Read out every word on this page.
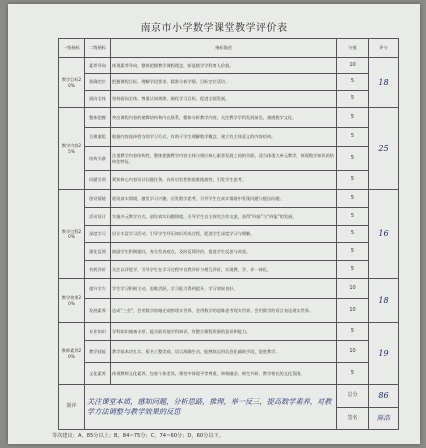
南京市小学数学课堂教学评价表
一级指标	二级指标	指标描述	分值	评分
教学目标20%	素养导向	体现素养导向，整体把握教学课程理念，彰显数学学科育人价值。	10	18
	准确定位	把握课程目标，理解学段要求，精准分析学情，目标定位适切。	5	
	面向全体	坚持面向全体，尊重认知规律，细化学习目标，促进全面发展。	5	
教学内容25%	整体把握	突出课程内容的逻辑结构和内在联系，整体分析教学内容，关注教学学科发展前沿，渗透数学文化。	5	25
	合理重组	根据内容选择恰当的学习方式，有助于学生理解数学概念，建立有主体意义的内容结构。	5	
	结构关联	注重教学内容结构性，整体把握教学内容主线与相应核心素养发展之间的关联，适当体现大单元教学，体现数学知识的结构化特征。	5	
	问题引领	紧扣核心内容设计问题任务，具有启发性和思维挑战性，引发学生思考。	5	
教学过程20%	创设情境	创设真实情境，激发学习兴趣，启发数学思考，引导学生在真实情境中发现问题与提出问题。	5	16
	活动设计	实施多元教学方式，创设真实问题情境，引导学生自主探究合作交流，获得“四基”与“四能”的发展。	5	
	深度学习	设计丰富学习活动，引导学生经历知识形成过程，促进学生深度学习与理解。	5	
	强化反馈	鼓励学生积极提问，充分发表观点，及时反馈评价，促进学生反思与改进。	5	
	有机评价	关注以评促学，引导学生在学习过程中自我评价与相互评价，实现教、学、评一体化。	5	
教学效果20%	提升学力	学生学习积极主动，思维活跃，学习能力得到提升，学习效果良好。	10	18
	发展素养	达成“三会”，会用数学的眼光观察现实世界，会用数学的思维思考现实世界，会用数学的语言表达现实世界。	10	
教师素养20%	专业知识	学科知识储备丰厚，能关联其他学科知识，有整合课程资源的意识和能力。	5	19
	教学技能	教学基本功扎实，板书工整美观，语言准确生动，能熟练运用信息化辅助手段，促进教学。	10	
	文化素养	体现教师文化素养，包容个体差异，课堂中体现平等尊重、和谐融洽、师生共研、教学相长的文化氛围。	5	
简评	关注课堂本质，感知问题，分析思路，推理，举一反三，提高数学素养，对教学方法调整与教学效果的反思		总分	86
			签名	陈浩
等次建议：A，85分以上；B，84~75分；C，74~60分；D，60分以下。
